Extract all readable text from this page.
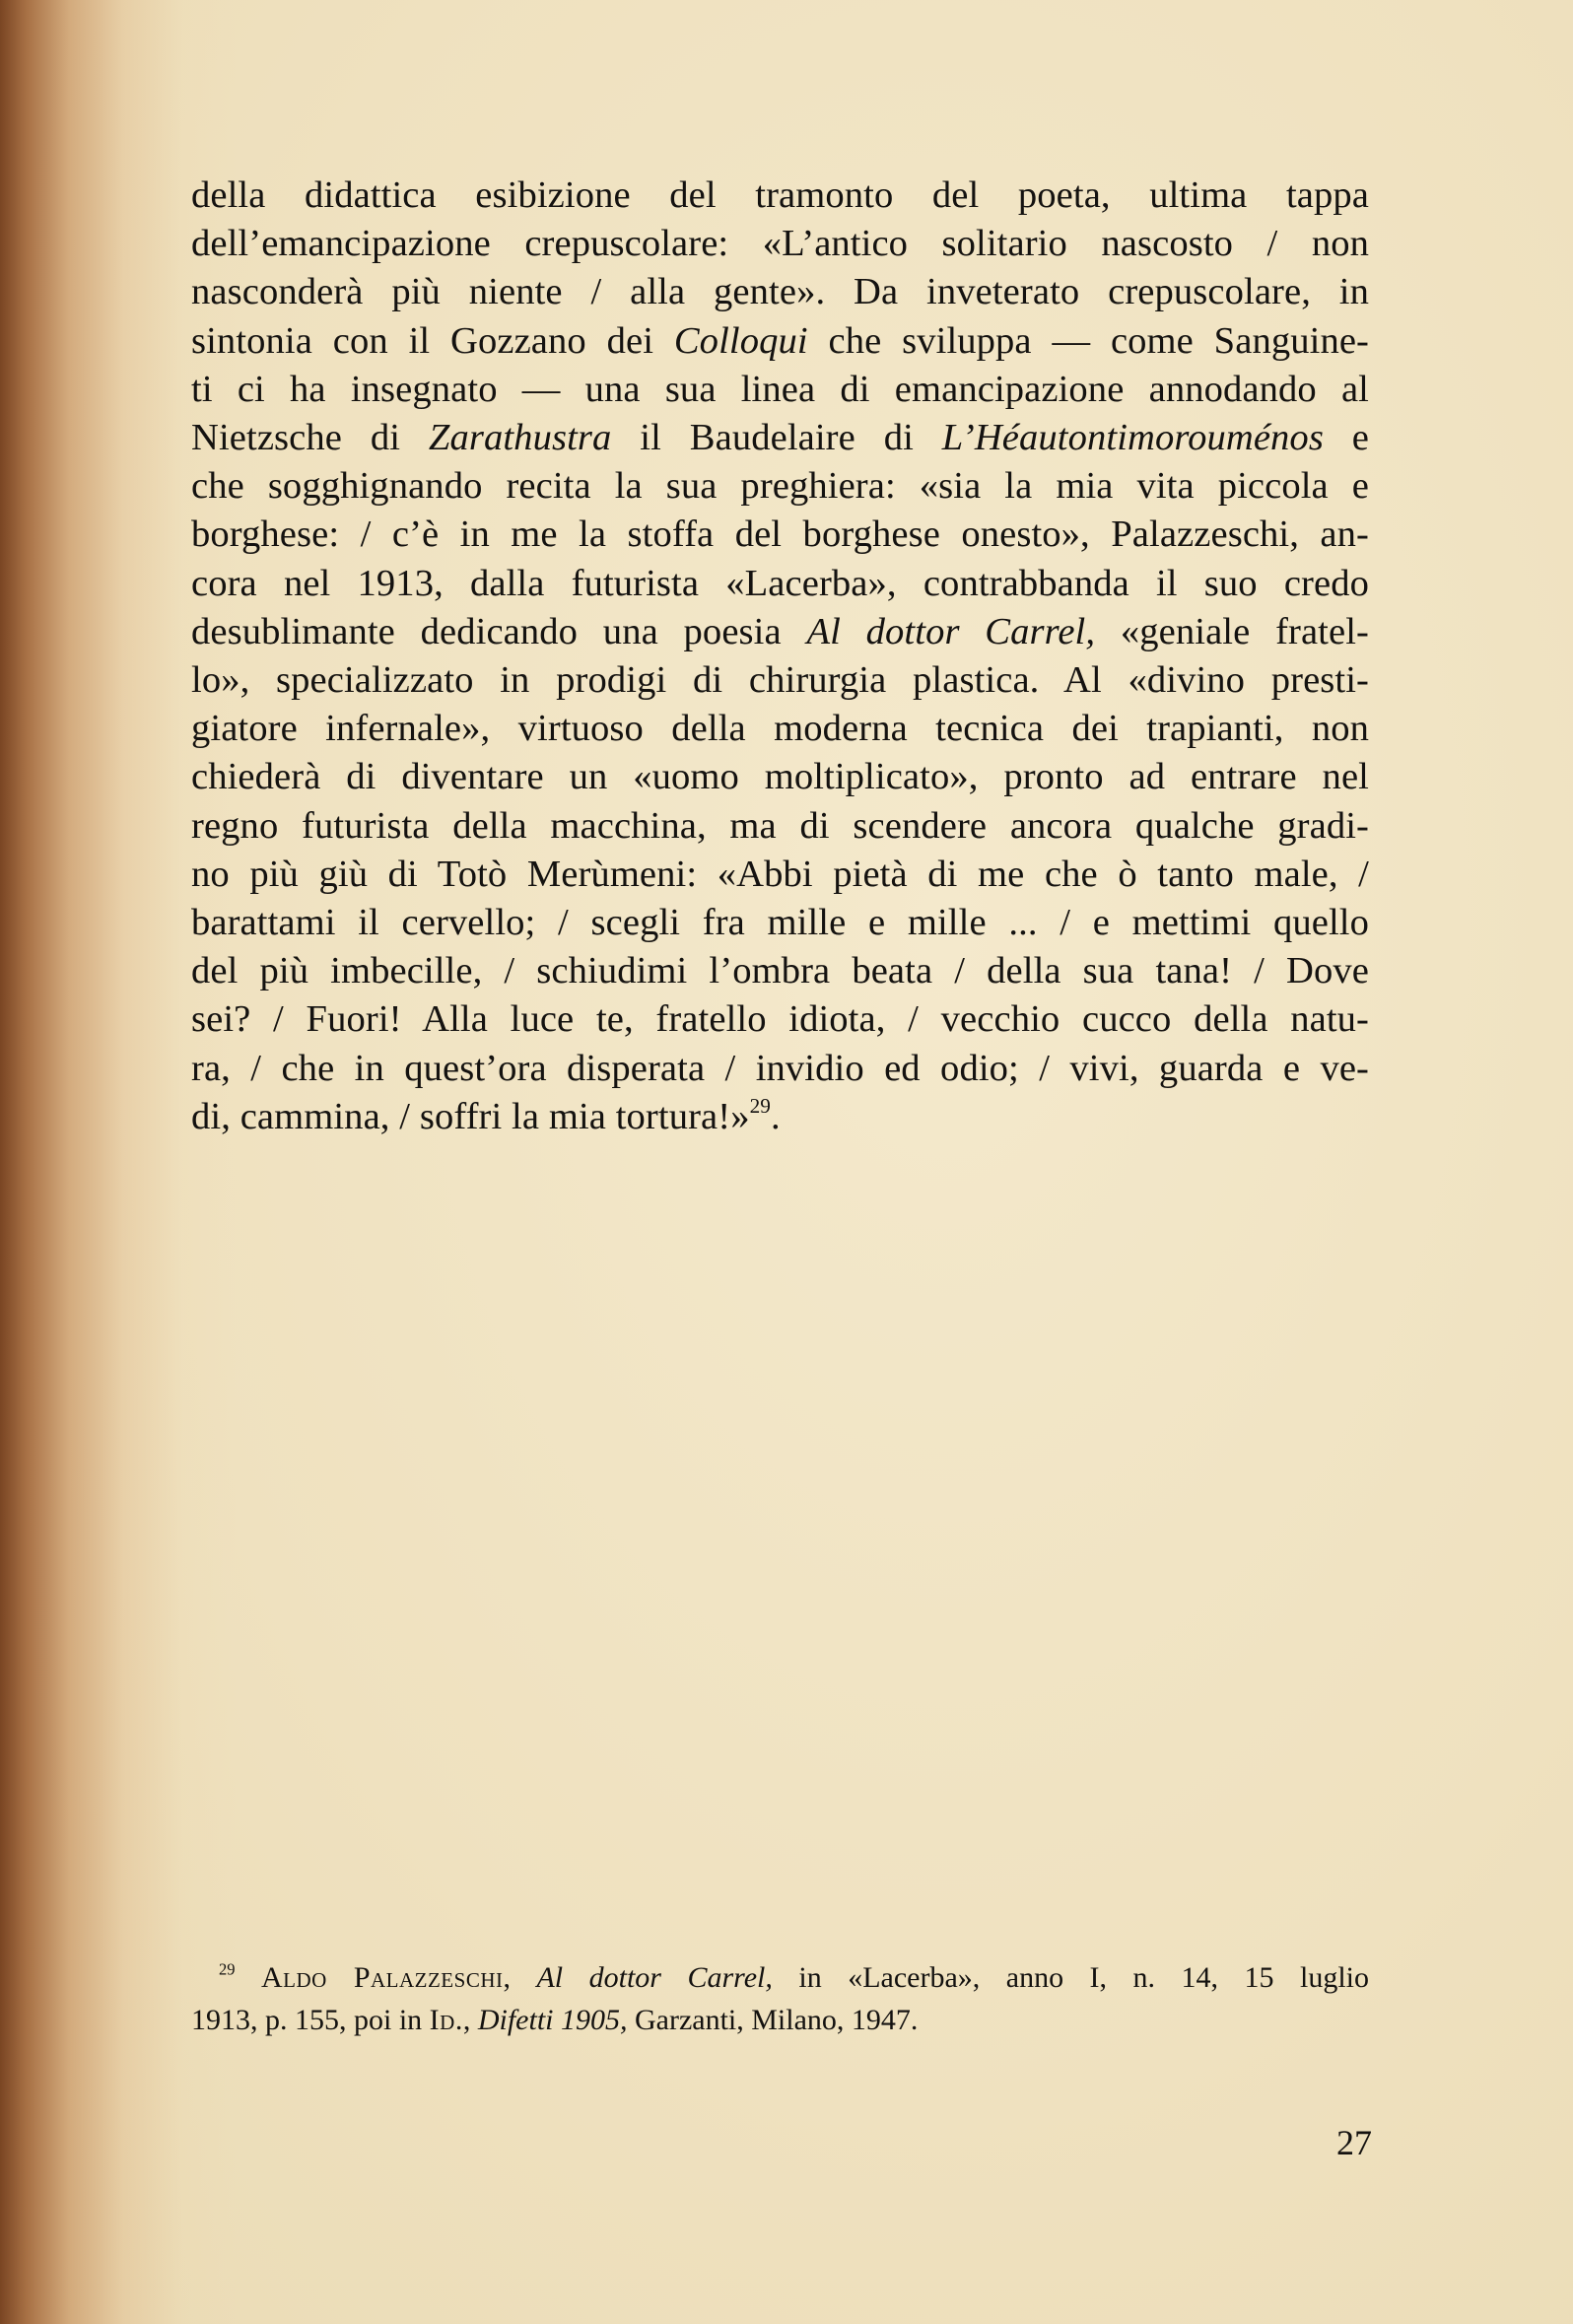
della didattica esibizione del tramonto del poeta, ultima tappa
dell’emancipazione crepuscolare: «L’antico solitario nascosto / non
nasconderà più niente / alla gente». Da inveterato crepuscolare, in
sintonia con il Gozzano dei Colloqui che sviluppa — come Sanguine-
ti ci ha insegnato — una sua linea di emancipazione annodando al
Nietzsche di Zarathustra il Baudelaire di L’Héautontimorouménos e
che sogghignando recita la sua preghiera: «sia la mia vita piccola e
borghese: / c’è in me la stoffa del borghese onesto», Palazzeschi, an-
cora nel 1913, dalla futurista «Lacerba», contrabbanda il suo credo
desublimante dedicando una poesia Al dottor Carrel, «geniale fratel-
lo», specializzato in prodigi di chirurgia plastica. Al «divino presti-
giatore infernale», virtuoso della moderna tecnica dei trapianti, non
chiederà di diventare un «uomo moltiplicato», pronto ad entrare nel
regno futurista della macchina, ma di scendere ancora qualche gradi-
no più giù di Totò Merùmeni: «Abbi pietà di me che ò tanto male, /
barattami il cervello; / scegli fra mille e mille ... / e mettimi quello
del più imbecille, / schiudimi l’ombra beata / della sua tana! / Dove
sei? / Fuori! Alla luce te, fratello idiota, / vecchio cucco della natu-
ra, / che in quest’ora disperata / invidio ed odio; / vivi, guarda e ve-
di, cammina, / soffri la mia tortura!»$^{29}$.
$^{29}$ Aldo Palazzeschi, Al dottor Carrel, in «Lacerba», anno I, n. 14, 15 luglio
1913, p. 155, poi in Id., Difetti 1905, Garzanti, Milano, 1947.
27
